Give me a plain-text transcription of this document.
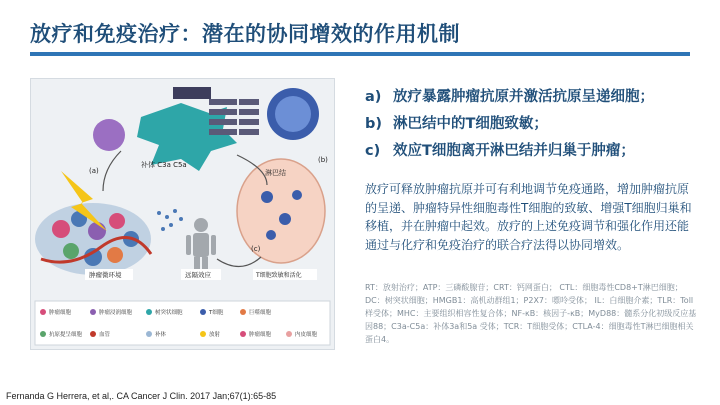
放疗和免疫治疗：潜在的协同增效的作用机制
补体 C3a C5a
淋巴结
(b)
(a)
(c)
肿瘤微环境	远隔效应	T细胞致敏和活化
肿瘤细胞	肿瘤浸润细胞	树突状细胞	T细胞	巨噬细胞
抗原提呈细胞	血管	补体	放射	肿瘤细胞	内皮细胞
a) 放疗暴露肿瘤抗原并激活抗原呈递细胞；
b) 淋巴结中的T细胞致敏；
c) 效应T细胞离开淋巴结并归巢于肿瘤；
放疗可释放肿瘤抗原并可有利地调节免疫通路，增加肿瘤抗原的呈递、肿瘤特异性细胞毒性T细胞的致敏、增强T细胞归巢和移植，并在肿瘤中起效。放疗的上述免疫调节和强化作用还能通过与化疗和免疫治疗的联合疗法得以协同增效。
RT：放射治疗；ATP：三磷酸腺苷；CRT：钙网蛋白； CTL：细胞毒性CD8+T淋巴细胞；DC：树突状细胞；HMGB1：高机动群组1；P2X7：嘌呤受体； IL：白细胞介素；TLR：Toll样受体；MHC：主要组织相容性复合体；NF-κB：核因子-κB；MyD88：髓系分化初级反应基因88；C3a-C5a：补体3a和5a 受体；TCR：T细胞受体；CTLA-4：细胞毒性T淋巴细胞相关蛋白4。
Fernanda G Herrera, et al,. CA Cancer J Clin. 2017 Jan;67(1):65-85
